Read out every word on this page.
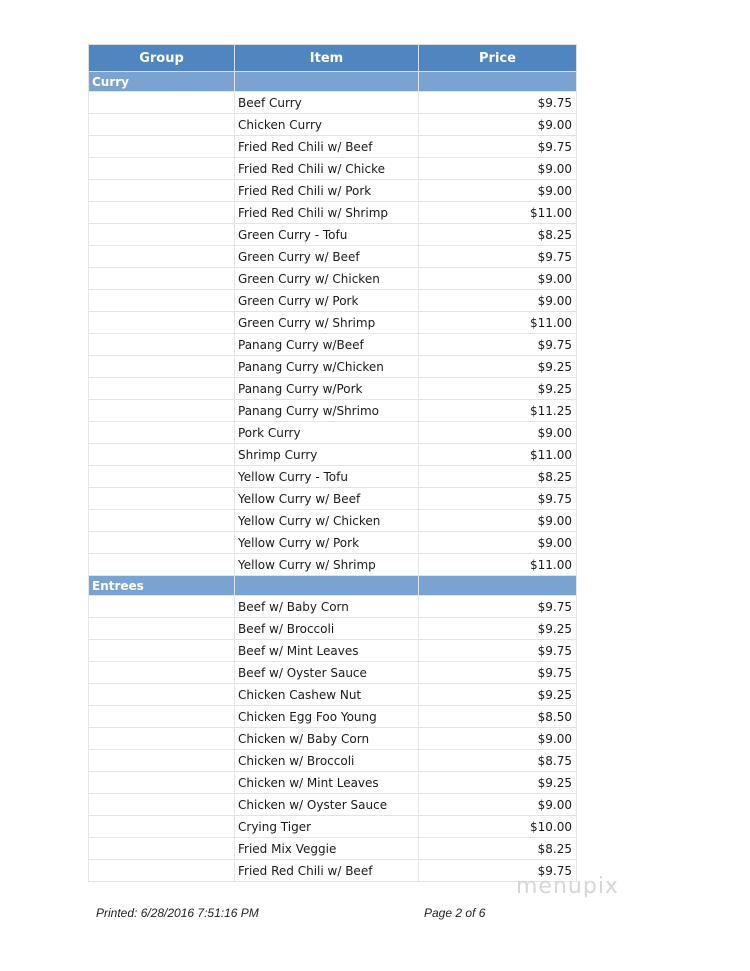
Group	Item	Price
Curry		
	Beef Curry	$9.75
	Chicken Curry	$9.00
	Fried Red Chili w/ Beef	$9.75
	Fried Red Chili w/ Chicke	$9.00
	Fried Red Chili w/ Pork	$9.00
	Fried Red Chili w/ Shrimp	$11.00
	Green Curry - Tofu	$8.25
	Green Curry w/ Beef	$9.75
	Green Curry w/ Chicken	$9.00
	Green Curry w/ Pork	$9.00
	Green Curry w/ Shrimp	$11.00
	Panang Curry w/Beef	$9.75
	Panang Curry w/Chicken	$9.25
	Panang Curry w/Pork	$9.25
	Panang Curry w/Shrimo	$11.25
	Pork Curry	$9.00
	Shrimp Curry	$11.00
	Yellow Curry - Tofu	$8.25
	Yellow Curry w/ Beef	$9.75
	Yellow Curry w/ Chicken	$9.00
	Yellow Curry w/ Pork	$9.00
	Yellow Curry w/ Shrimp	$11.00
Entrees		
	Beef w/ Baby Corn	$9.75
	Beef w/ Broccoli	$9.25
	Beef w/ Mint Leaves	$9.75
	Beef w/ Oyster Sauce	$9.75
	Chicken Cashew Nut	$9.25
	Chicken Egg Foo Young	$8.50
	Chicken w/ Baby Corn	$9.00
	Chicken w/ Broccoli	$8.75
	Chicken w/ Mint Leaves	$9.25
	Chicken w/ Oyster Sauce	$9.00
	Crying Tiger	$10.00
	Fried Mix Veggie	$8.25
	Fried Red Chili w/ Beef	$9.75
Printed: 6/28/2016 7:51:16 PM	Page 2 of 6
menupix
